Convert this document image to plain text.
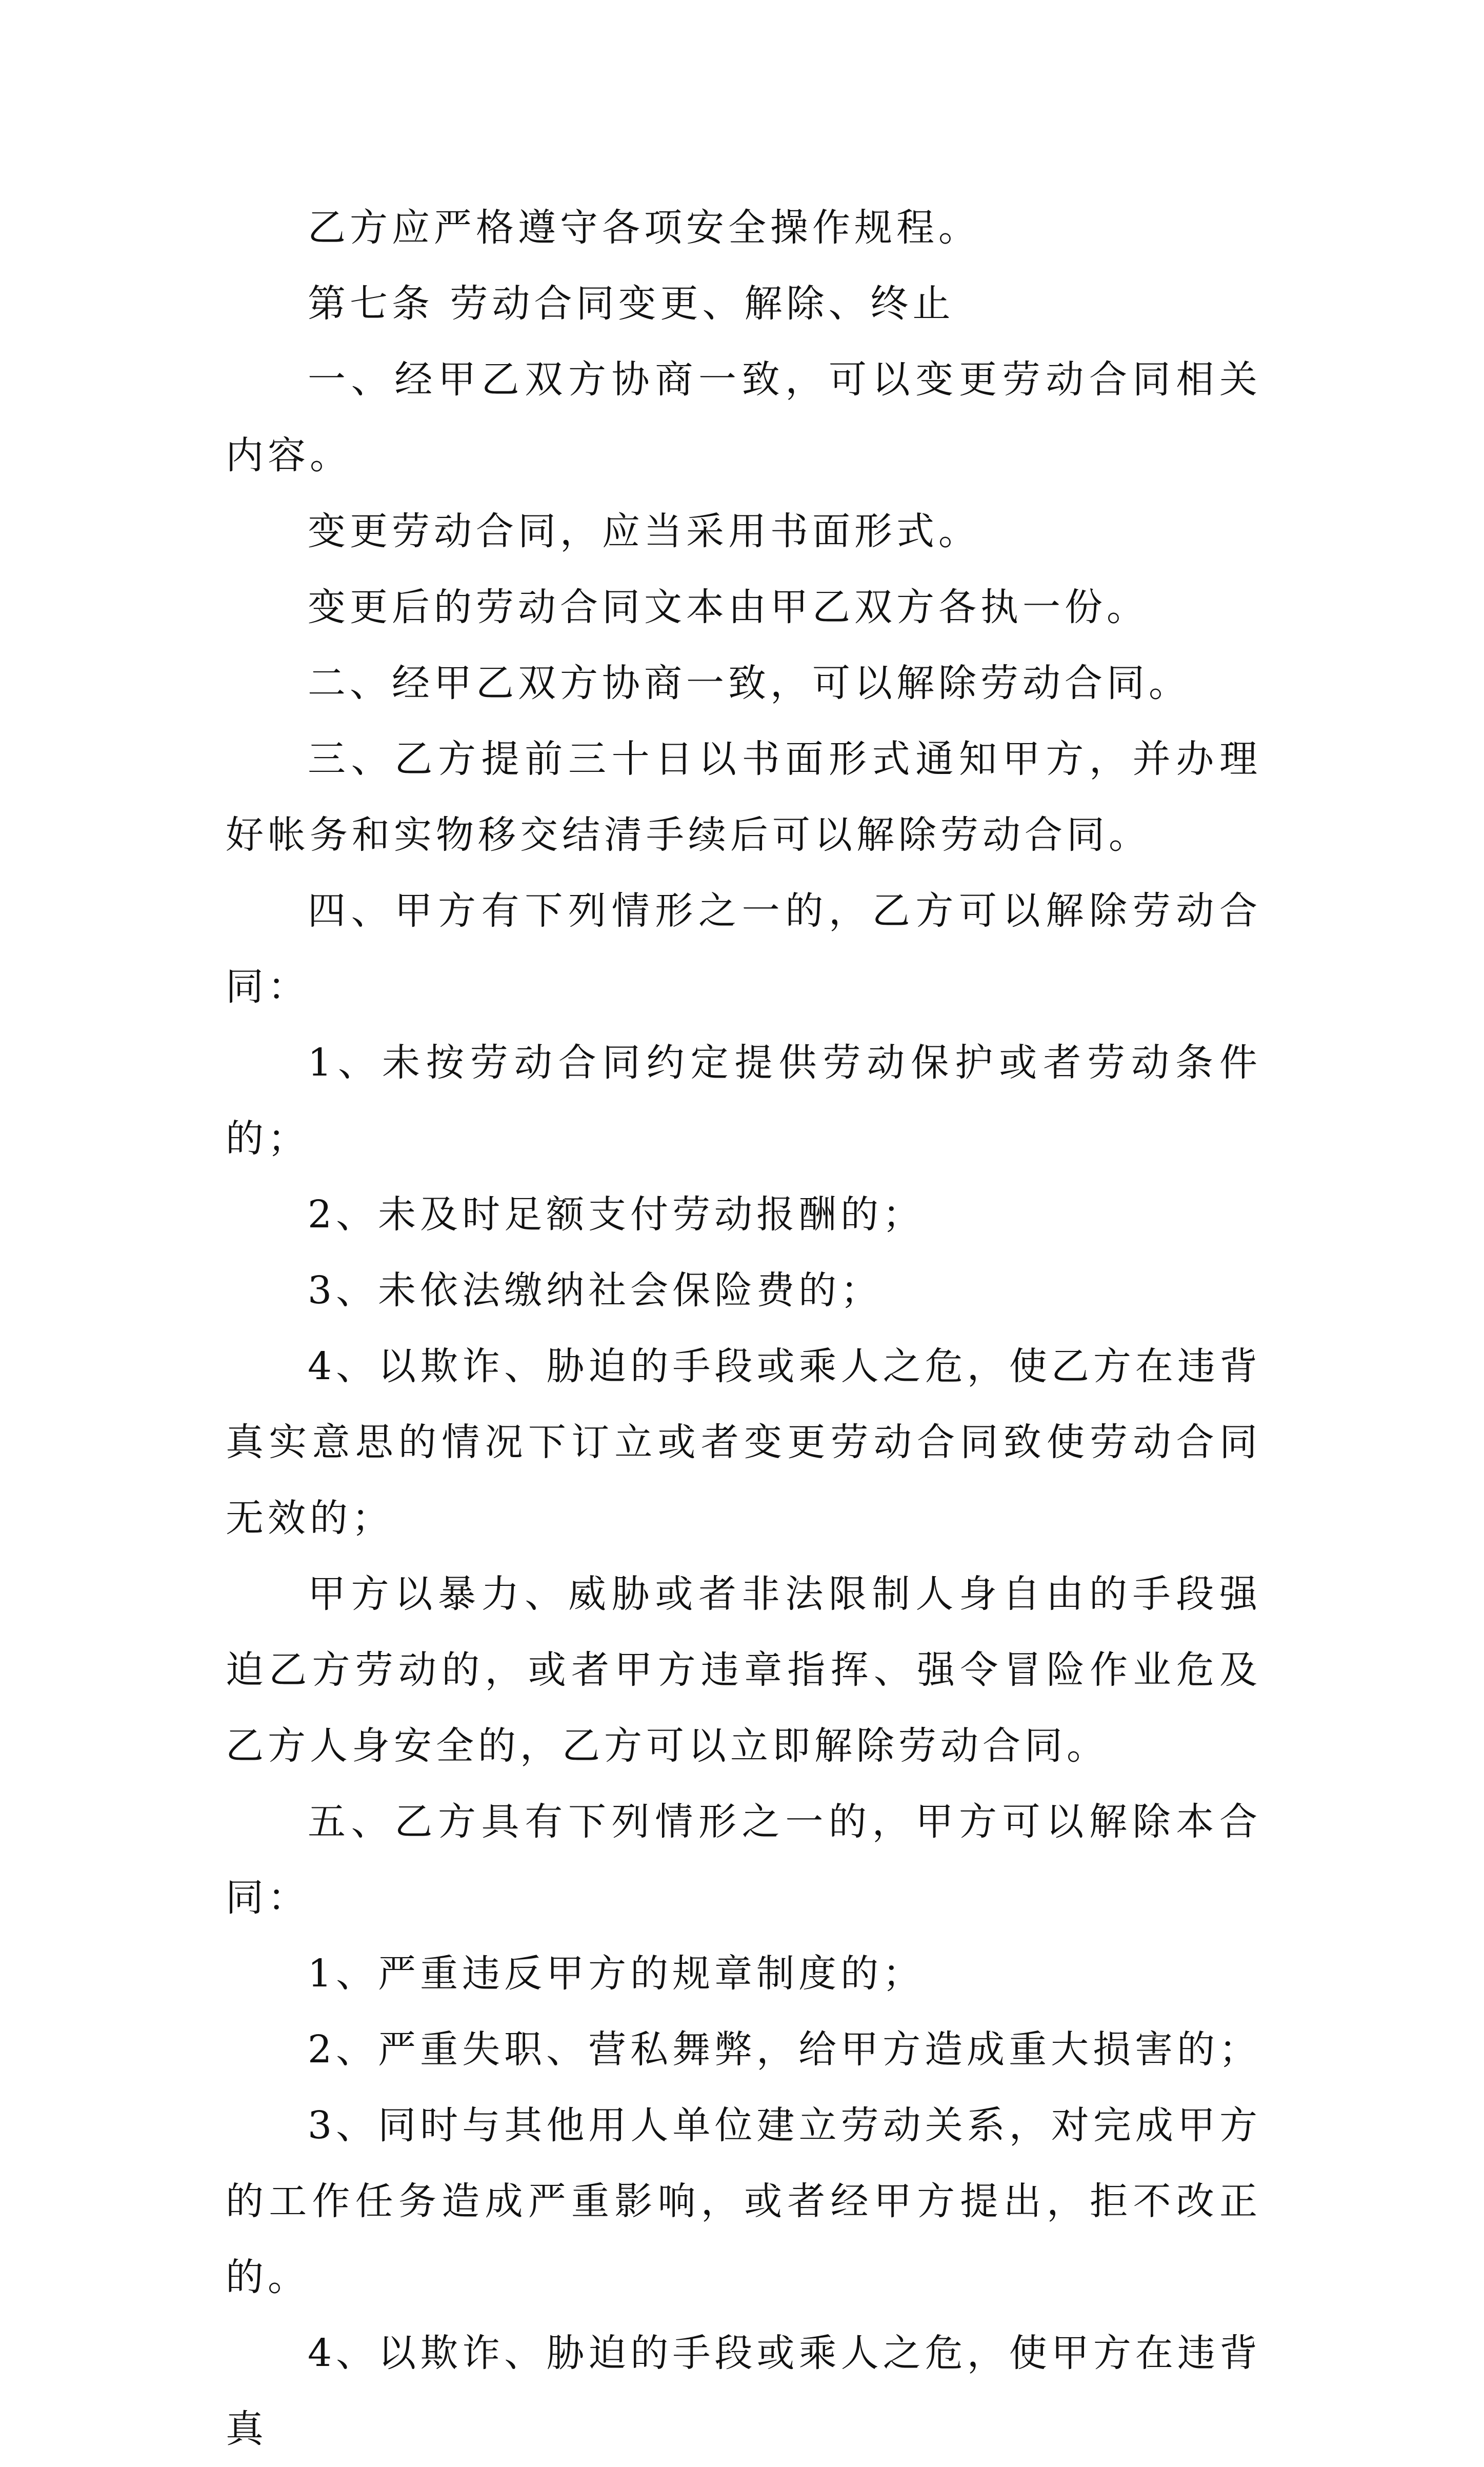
乙方应严格遵守各项安全操作规程。

第七条 劳动合同变更、解除、终止

一、经甲乙双方协商一致，可以变更劳动合同相关内容。

变更劳动合同，应当采用书面形式。

变更后的劳动合同文本由甲乙双方各执一份。

二、经甲乙双方协商一致，可以解除劳动合同。

三、乙方提前三十日以书面形式通知甲方，并办理好帐务和实物移交结清手续后可以解除劳动合同。

四、甲方有下列情形之一的，乙方可以解除劳动合同：

1、未按劳动合同约定提供劳动保护或者劳动条件的；

2、未及时足额支付劳动报酬的；

3、未依法缴纳社会保险费的；

4、以欺诈、胁迫的手段或乘人之危，使乙方在违背真实意思的情况下订立或者变更劳动合同致使劳动合同无效的；

甲方以暴力、威胁或者非法限制人身自由的手段强迫乙方劳动的，或者甲方违章指挥、强令冒险作业危及乙方人身安全的，乙方可以立即解除劳动合同。

五、乙方具有下列情形之一的，甲方可以解除本合同：

1、严重违反甲方的规章制度的；

2、严重失职、营私舞弊，给甲方造成重大损害的；

3、同时与其他用人单位建立劳动关系，对完成甲方的工作任务造成严重影响，或者经甲方提出，拒不改正的。

4、以欺诈、胁迫的手段或乘人之危，使甲方在违背真
